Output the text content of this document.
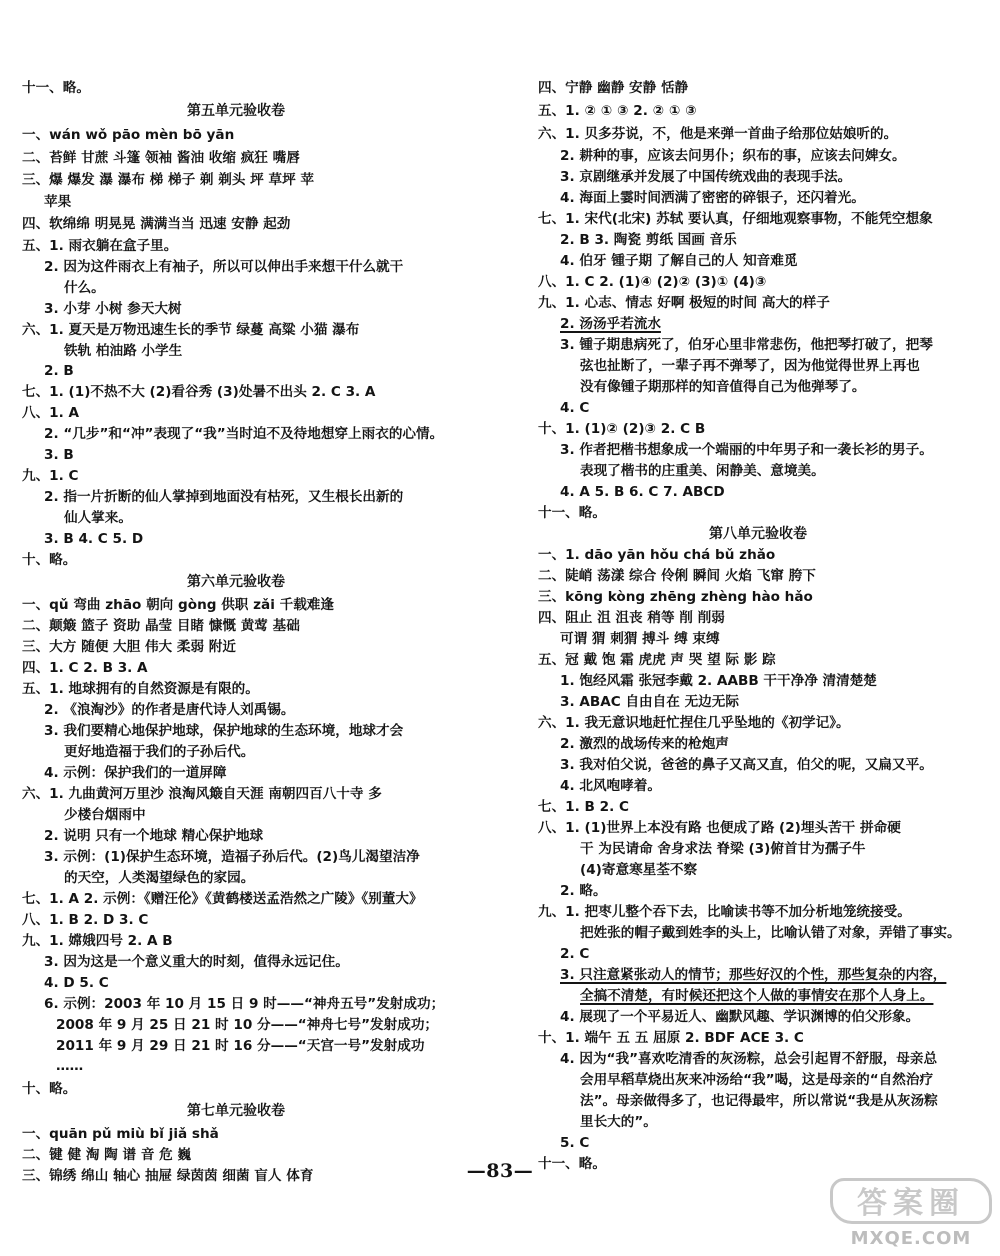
十一、略。
第五单元验收卷
一、wán wǒ pāo mèn bō yān
二、苔鲜 甘蔗 斗篷 领袖 酱油 收缩 疯狂 嘴唇
三、爆 爆发 瀑 瀑布 梯 梯子 剃 剃头 坪 草坪 苹
苹果
四、软绵绵 明晃晃 满满当当 迅速 安静 起劲
五、1. 雨衣躺在盒子里。
2. 因为这件雨衣上有袖子，所以可以伸出手来想干什么就干
什么。
3. 小芽 小树 参天大树
六、1. 夏天是万物迅速生长的季节 绿蔓 高粱 小猫 瀑布
铁轨 柏油路 小学生
2. B
七、1. (1)不热不大 (2)看谷秀 (3)处暑不出头 2. C 3. A
八、1. A
2. “几步”和“冲”表现了“我”当时迫不及待地想穿上雨衣的心情。
3. B
九、1. C
2. 指一片折断的仙人掌掉到地面没有枯死，又生根长出新的
仙人掌来。
3. B 4. C 5. D
十、略。
第六单元验收卷
一、qǔ 弯曲 zhāo 朝向 gòng 供职 zǎi 千载难逢
二、颠簸 篮子 资助 晶莹 目睹 慷慨 黄莺 基础
三、大方 随便 大胆 伟大 柔弱 附近
四、1. C 2. B 3. A
五、1. 地球拥有的自然资源是有限的。
2. 《浪淘沙》的作者是唐代诗人刘禹锡。
3. 我们要精心地保护地球，保护地球的生态环境，地球才会
更好地造福于我们的子孙后代。
4. 示例：保护我们的一道屏障
六、1. 九曲黄河万里沙 浪淘风簸自天涯 南朝四百八十寺 多
少楼台烟雨中
2. 说明 只有一个地球 精心保护地球
3. 示例：(1)保护生态环境，造福子孙后代。(2)鸟儿渴望洁净
的天空，人类渴望绿色的家园。
七、1. A 2. 示例：《赠汪伦》《黄鹤楼送孟浩然之广陵》《别董大》
八、1. B 2. D 3. C
九、1. 嫦娥四号 2. A B
3. 因为这是一个意义重大的时刻，值得永远记住。
4. D 5. C
6. 示例：2003 年 10 月 15 日 9 时——“神舟五号”发射成功；
2008 年 9 月 25 日 21 时 10 分——“神舟七号”发射成功；
2011 年 9 月 29 日 21 时 16 分——“天宫一号”发射成功
……
十、略。
第七单元验收卷
一、quān pǔ miù bǐ jiǎ shǎ
二、键 健 淘 陶 谱 音 危 巍
三、锦绣 绵山 轴心 抽屉 绿茵茵 细菌 盲人 体育
四、宁静 幽静 安静 恬静
五、1. ② ① ③ 2. ② ① ③
六、1. 贝多芬说，不，他是来弹一首曲子给那位姑娘听的。
2. 耕种的事，应该去问男仆；织布的事，应该去问婢女。
3. 京剧继承并发展了中国传统戏曲的表现手法。
4. 海面上霎时间洒满了密密的碎银子，还闪着光。
七、1. 宋代(北宋) 苏轼 要认真，仔细地观察事物，不能凭空想象
2. B 3. 陶瓷 剪纸 国画 音乐
4. 伯牙 锺子期 了解自己的人 知音难觅
八、1. C 2. (1)④ (2)② (3)① (4)③
九、1. 心志、情志 好啊 极短的时间 高大的样子
2. 汤汤乎若流水
3. 锺子期患病死了，伯牙心里非常悲伤，他把琴打破了，把琴
弦也扯断了，一辈子再不弹琴了，因为他觉得世界上再也
没有像锺子期那样的知音值得自己为他弹琴了。
4. C
十、1. (1)② (2)③ 2. C B
3. 作者把楷书想象成一个端丽的中年男子和一袭长衫的男子。
表现了楷书的庄重美、闲静美、意境美。
4. A 5. B 6. C 7. ABCD
十一、略。
第八单元验收卷
一、1. dāo yān hǒu chá bǔ zhǎo
二、陡峭 荡漾 综合 伶俐 瞬间 火焰 飞窜 胯下
三、kōng kòng zhēng zhèng hào hǎo
四、阻止 沮 沮丧 稍等 削 削弱
可谓 猬 刺猬 搏斗 缚 束缚
五、冠 戴 饱 霜 虎虎 声 哭 望 际 影 踪
1. 饱经风霜 张冠李戴 2. AABB 干干净净 清清楚楚
3. ABAC 自由自在 无边无际
六、1. 我无意识地赶忙捏住几乎坠地的《初学记》。
2. 激烈的战场传来的枪炮声
3. 我对伯父说，爸爸的鼻子又高又直，伯父的呢，又扁又平。
4. 北风咆哮着。
七、1. B 2. C
八、1. (1)世界上本没有路 也便成了路 (2)埋头苦干 拼命硬
干 为民请命 舍身求法 脊梁 (3)俯首甘为孺子牛
(4)寄意寒星荃不察
2. 略。
九、1. 把枣儿整个吞下去，比喻读书等不加分析地笼统接受。
把姓张的帽子戴到姓李的头上，比喻认错了对象，弄错了事实。
2. C
3. 只注意紧张动人的情节；那些好汉的个性，那些复杂的内容，
全搞不清楚，有时候还把这个人做的事情安在那个人身上。
4. 展现了一个平易近人、幽默风趣、学识渊博的伯父形象。
十、1. 端午 五 五 屈原 2. BDF ACE 3. C
4. 因为“我”喜欢吃清香的灰汤粽，总会引起胃不舒服，母亲总
会用早稻草烧出灰来冲汤给“我”喝，这是母亲的“自然治疗
法”。母亲做得多了，也记得最牢，所以常说“我是从灰汤粽
里长大的”。
5. C
十一、略。
—83—
答案圈
MXQE.COM
